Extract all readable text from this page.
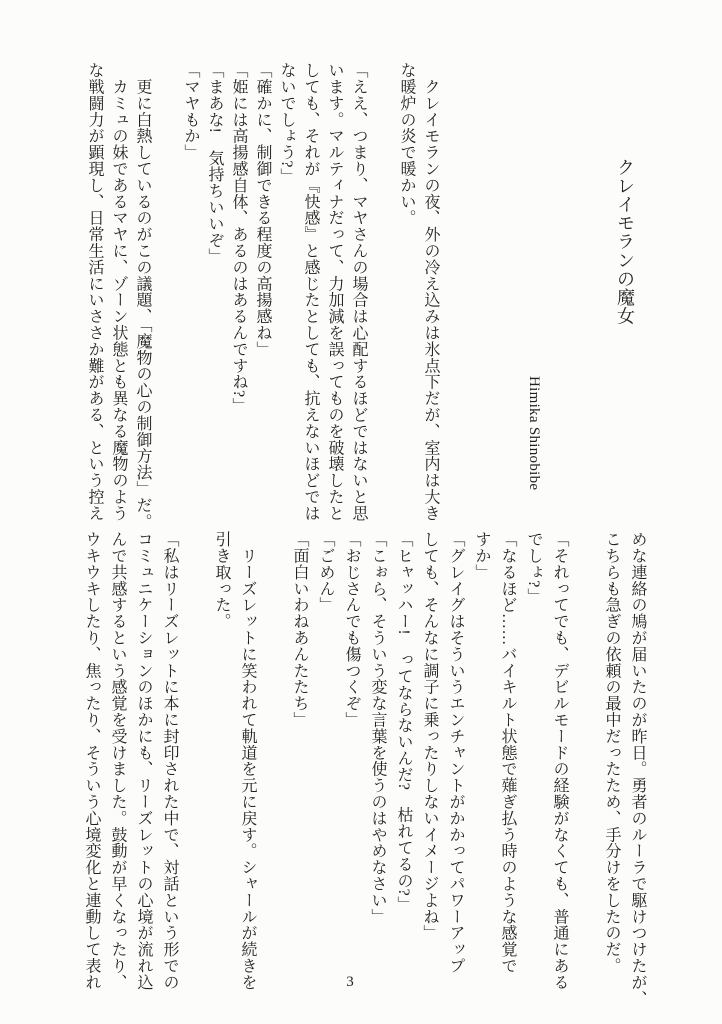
クレイモランの魔女
Himika Shinobibe

　クレイモランの夜、外の冷え込みは氷点下だが、室内は大き

な暖炉の炎で暖かい。

「ええ、つまり、マヤさんの場合は心配するほどではないと思

います。マルティナだって、力加減を誤ってものを破壊したと

しても、それが『快感』と感じたとしても、抗えないほどでは

ないでしょう?」

「確かに、制御できる程度の高揚感ね」

「姫には高揚感自体、あるのはあるんですね?」

「まあな!　気持ちいいぞ」

「マヤもか」

　更に白熱しているのがこの議題、「魔物の心の制御方法」だ。

　カミュの妹であるマヤに、ゾーン状態とも異なる魔物のよう

な戦闘力が顕現し、日常生活にいささか難がある、という控え

めな連絡の鳩が届いたのが昨日。勇者のルーラで駆けつけたが、

こちらも急ぎの依頼の最中だったため、手分けをしたのだ。

「それってでも、デビルモードの経験がなくても、普通にある

でしょ?」

「なるほど……バイキルト状態で薙ぎ払う時のような感覚で

すか」

「グレイグはそういうエンチャントがかかってパワーアップ

しても、そんなに調子に乗ったりしないイメージよね」

「ヒャッハー!　ってならないんだ?　枯れてるの?」

「こぉら、そういう変な言葉を使うのはやめなさい」

「おじさんでも傷つくぞ」

「ごめん」

「面白いわねあんたたち」

　リーズレットに笑われて軌道を元に戻す。シャールが続きを

引き取った。

「私はリーズレットに本に封印された中で、対話という形での

コミュニケーションのほかにも、リーズレットの心境が流れ込

んで共感するという感覚を受けました。鼓動が早くなったり、

ウキウキしたり、焦ったり、そういう心境変化と連動して表れ	3
